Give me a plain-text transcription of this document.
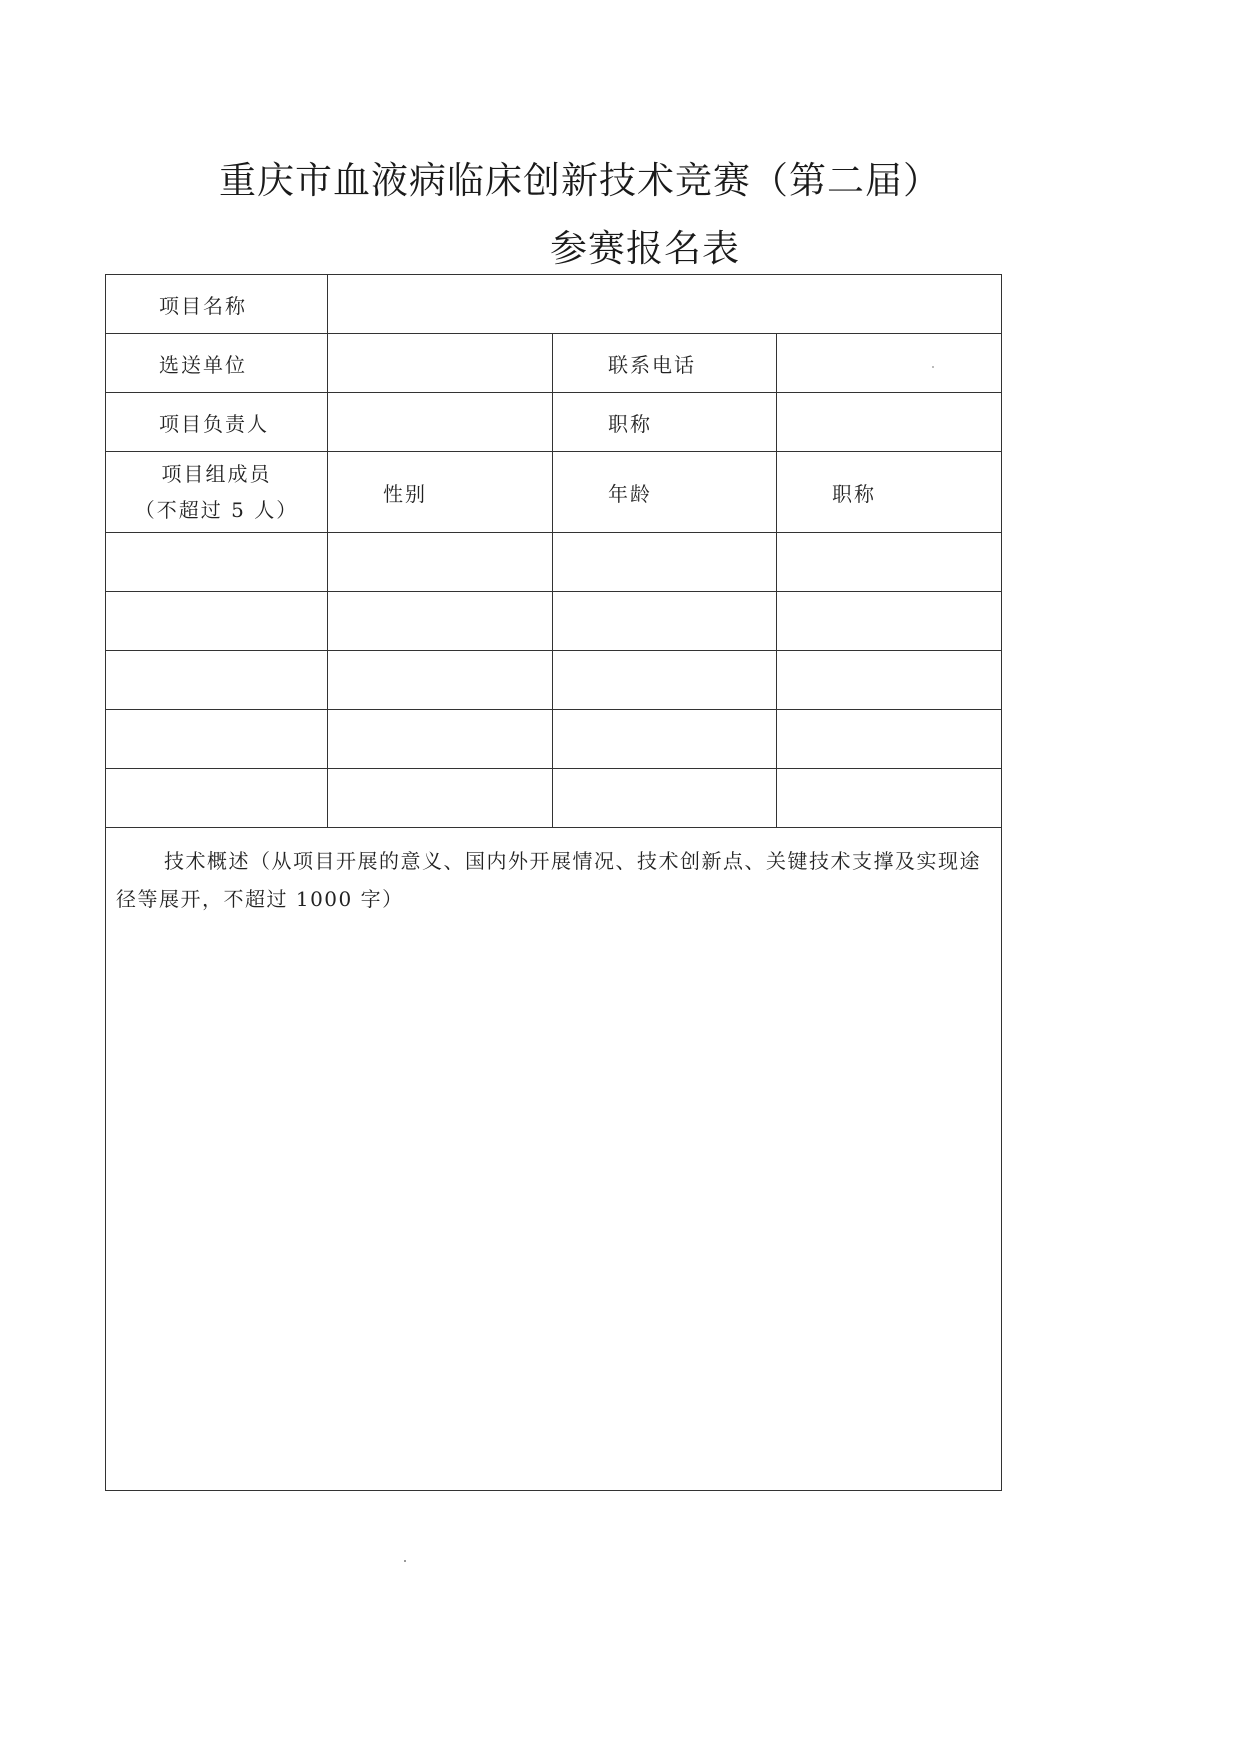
重庆市血液病临床创新技术竞赛（第二届）
参赛报名表
项目名称			
选送单位		联系电话	
项目负责人		职称	

项目组成员
（不超过 5 人）	性别	年龄	职称

技术概述（从项目开展的意义、国内外开展情况、技术创新点、关键技术支撑及实现途径等展开，不超过 1000 字）			
